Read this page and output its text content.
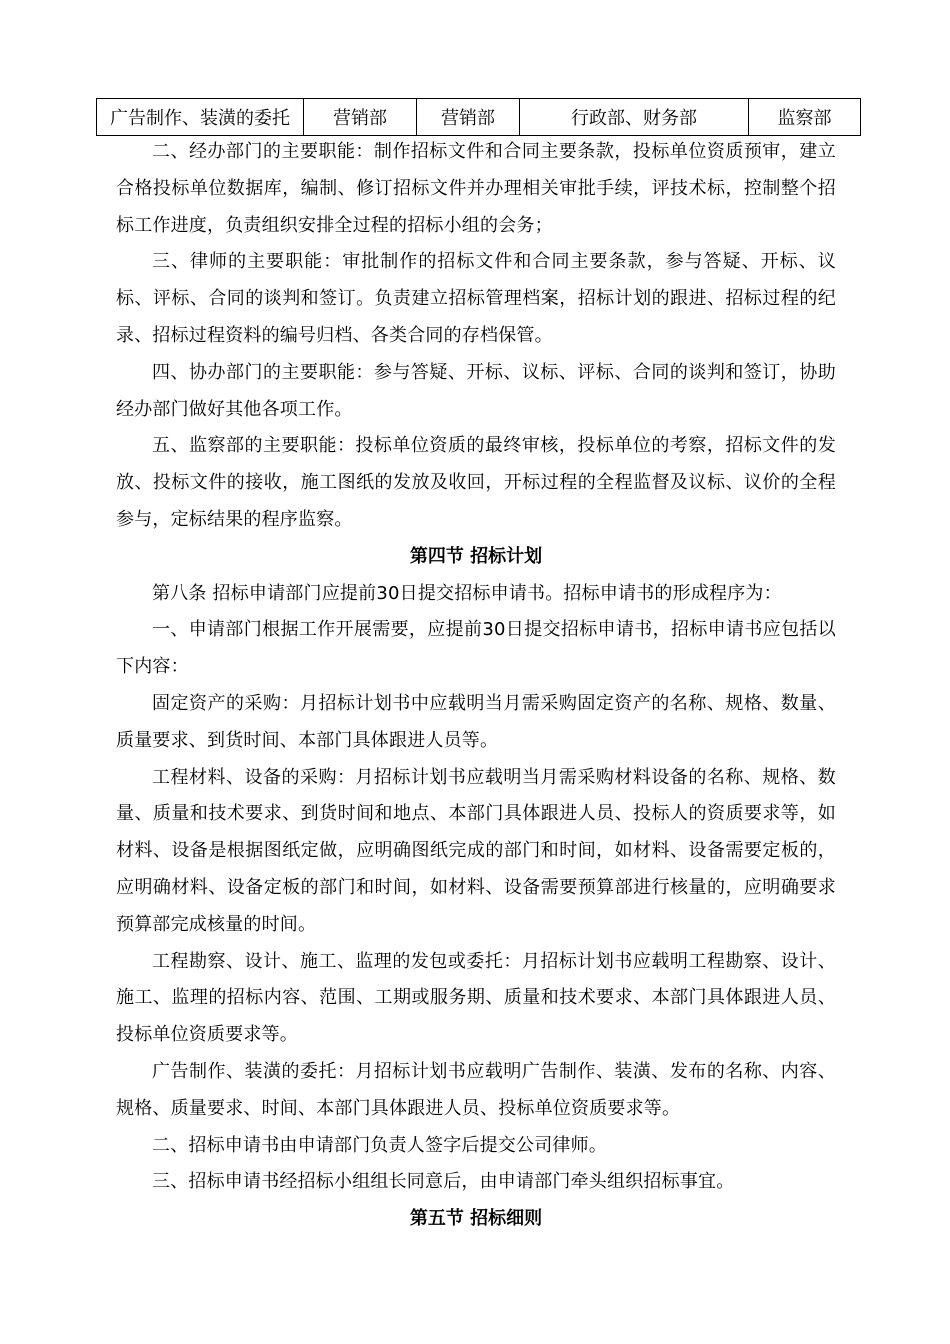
广告制作、装潢的委托	营销部	营销部	行政部、财务部	监察部

二、经办部门的主要职能：制作招标文件和合同主要条款，投标单位资质预审，建立合格投标单位数据库，编制、修订招标文件并办理相关审批手续，评技术标，控制整个招标工作进度，负责组织安排全过程的招标小组的会务；

三、律师的主要职能：审批制作的招标文件和合同主要条款，参与答疑、开标、议标、评标、合同的谈判和签订。负责建立招标管理档案，招标计划的跟进、招标过程的纪录、招标过程资料的编号归档、各类合同的存档保管。

四、协办部门的主要职能：参与答疑、开标、议标、评标、合同的谈判和签订，协助经办部门做好其他各项工作。

五、监察部的主要职能：投标单位资质的最终审核，投标单位的考察，招标文件的发放、投标文件的接收，施工图纸的发放及收回，开标过程的全程监督及议标、议价的全程参与，定标结果的程序监察。

第四节 招标计划

第八条 招标申请部门应提前30日提交招标申请书。招标申请书的形成程序为：

一、申请部门根据工作开展需要，应提前30日提交招标申请书，招标申请书应包括以下内容：

固定资产的采购：月招标计划书中应载明当月需采购固定资产的名称、规格、数量、质量要求、到货时间、本部门具体跟进人员等。

工程材料、设备的采购：月招标计划书应载明当月需采购材料设备的名称、规格、数量、质量和技术要求、到货时间和地点、本部门具体跟进人员、投标人的资质要求等，如材料、设备是根据图纸定做，应明确图纸完成的部门和时间，如材料、设备需要定板的，应明确材料、设备定板的部门和时间，如材料、设备需要预算部进行核量的，应明确要求预算部完成核量的时间。

工程勘察、设计、施工、监理的发包或委托：月招标计划书应载明工程勘察、设计、施工、监理的招标内容、范围、工期或服务期、质量和技术要求、本部门具体跟进人员、投标单位资质要求等。

广告制作、装潢的委托：月招标计划书应载明广告制作、装潢、发布的名称、内容、规格、质量要求、时间、本部门具体跟进人员、投标单位资质要求等。

二、招标申请书由申请部门负责人签字后提交公司律师。

三、招标申请书经招标小组组长同意后，由申请部门牵头组织招标事宜。

第五节 招标细则
